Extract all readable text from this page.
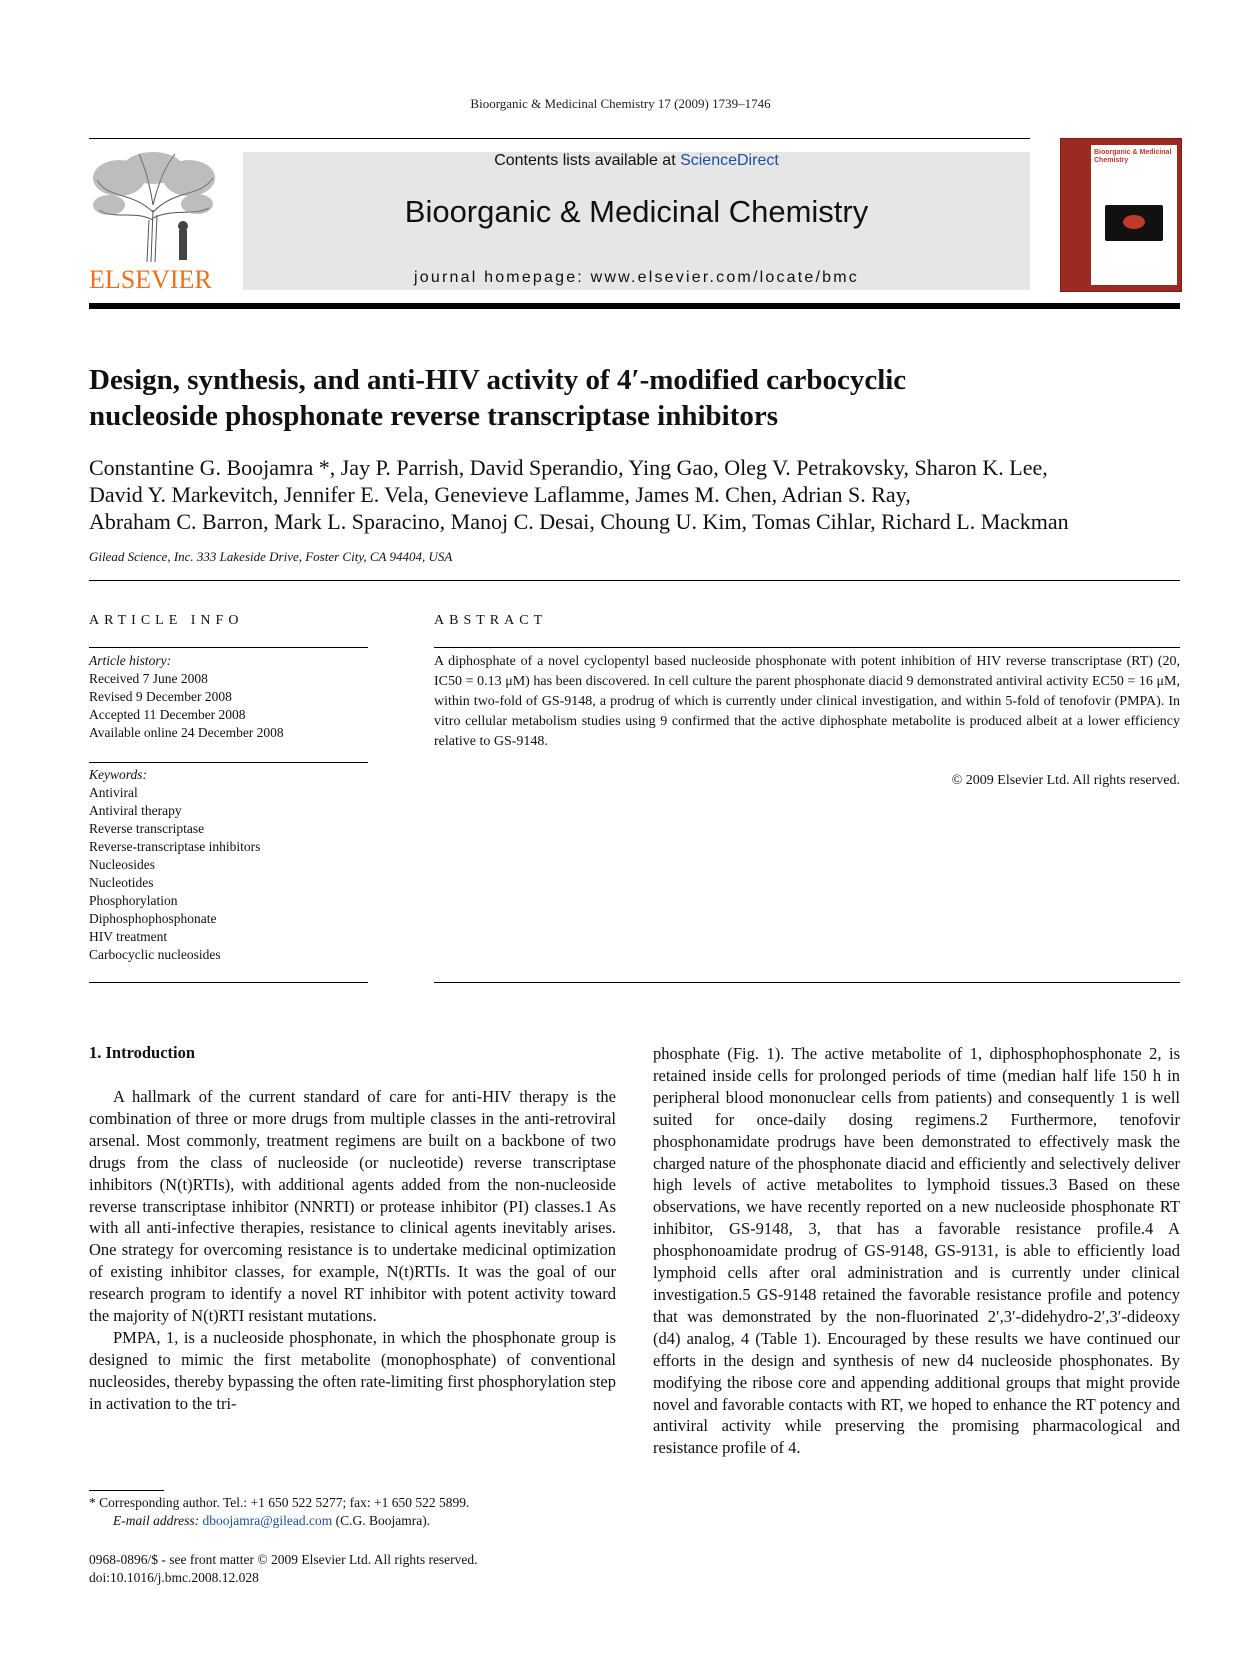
Bioorganic & Medicinal Chemistry 17 (2009) 1739–1746
ELSEVIER
Contents lists available at ScienceDirect
Bioorganic & Medicinal Chemistry
journal homepage: www.elsevier.com/locate/bmc
Bioorganic & Medicinal Chemistry
Design, synthesis, and anti-HIV activity of 4′-modified carbocyclic
nucleoside phosphonate reverse transcriptase inhibitors
Constantine G. Boojamra *, Jay P. Parrish, David Sperandio, Ying Gao, Oleg V. Petrakovsky, Sharon K. Lee,
David Y. Markevitch, Jennifer E. Vela, Genevieve Laflamme, James M. Chen, Adrian S. Ray,
Abraham C. Barron, Mark L. Sparacino, Manoj C. Desai, Choung U. Kim, Tomas Cihlar, Richard L. Mackman
Gilead Science, Inc. 333 Lakeside Drive, Foster City, CA 94404, USA
ARTICLE INFO
Article history:
Received 7 June 2008
Revised 9 December 2008
Accepted 11 December 2008
Available online 24 December 2008
Keywords:
Antiviral
Antiviral therapy
Reverse transcriptase
Reverse-transcriptase inhibitors
Nucleosides
Nucleotides
Phosphorylation
Diphosphophosphonate
HIV treatment
Carbocyclic nucleosides
ABSTRACT
A diphosphate of a novel cyclopentyl based nucleoside phosphonate with potent inhibition of HIV reverse transcriptase (RT) (20, IC50 = 0.13 μM) has been discovered. In cell culture the parent phosphonate diacid 9 demonstrated antiviral activity EC50 = 16 μM, within two-fold of GS-9148, a prodrug of which is currently under clinical investigation, and within 5-fold of tenofovir (PMPA). In vitro cellular metabolism studies using 9 confirmed that the active diphosphate metabolite is produced albeit at a lower efficiency relative to GS-9148.
© 2009 Elsevier Ltd. All rights reserved.
1. Introduction

A hallmark of the current standard of care for anti-HIV therapy is the combination of three or more drugs from multiple classes in the anti-retroviral arsenal. Most commonly, treatment regimens are built on a backbone of two drugs from the class of nucleoside (or nucleotide) reverse transcriptase inhibitors (N(t)RTIs), with additional agents added from the non-nucleoside reverse transcriptase inhibitor (NNRTI) or protease inhibitor (PI) classes.1 As with all anti-infective therapies, resistance to clinical agents inevitably arises. One strategy for overcoming resistance is to undertake medicinal optimization of existing inhibitor classes, for example, N(t)RTIs. It was the goal of our research program to identify a novel RT inhibitor with potent activity toward the majority of N(t)RTI resistant mutations.

PMPA, 1, is a nucleoside phosphonate, in which the phosphonate group is designed to mimic the first metabolite (monophosphate) of conventional nucleosides, thereby bypassing the often rate-limiting first phosphorylation step in activation to the tri-

phosphate (Fig. 1). The active metabolite of 1, diphosphophosphonate 2, is retained inside cells for prolonged periods of time (median half life 150 h in peripheral blood mononuclear cells from patients) and consequently 1 is well suited for once-daily dosing regimens.2 Furthermore, tenofovir phosphonamidate prodrugs have been demonstrated to effectively mask the charged nature of the phosphonate diacid and efficiently and selectively deliver high levels of active metabolites to lymphoid tissues.3 Based on these observations, we have recently reported on a new nucleoside phosphonate RT inhibitor, GS-9148, 3, that has a favorable resistance profile.4 A phosphonoamidate prodrug of GS-9148, GS-9131, is able to efficiently load lymphoid cells after oral administration and is currently under clinical investigation.5 GS-9148 retained the favorable resistance profile and potency that was demonstrated by the non-fluorinated 2′,3′-didehydro-2′,3′-dideoxy (d4) analog, 4 (Table 1). Encouraged by these results we have continued our efforts in the design and synthesis of new d4 nucleoside phosphonates. By modifying the ribose core and appending additional groups that might provide novel and favorable contacts with RT, we hoped to enhance the RT potency and antiviral activity while preserving the promising pharmacological and resistance profile of 4.

* Corresponding author. Tel.: +1 650 522 5277; fax: +1 650 522 5899.
E-mail address: dboojamra@gilead.com (C.G. Boojamra).
0968-0896/$ - see front matter © 2009 Elsevier Ltd. All rights reserved.
doi:10.1016/j.bmc.2008.12.028
